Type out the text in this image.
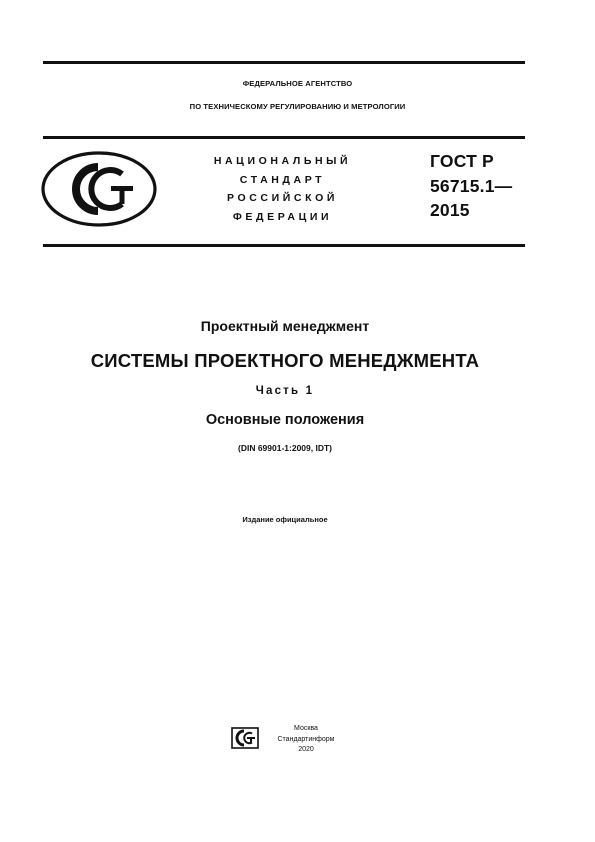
ФЕДЕРАЛЬНОЕ АГЕНТСТВО
ПО ТЕХНИЧЕСКОМУ РЕГУЛИРОВАНИЮ И МЕТРОЛОГИИ
НАЦИОНАЛЬНЫЙ
СТАНДАРТ
РОССИЙСКОЙ
ФЕДЕРАЦИИ
ГОСТ Р
56715.1—
2015
Проектный менеджмент
СИСТЕМЫ ПРОЕКТНОГО МЕНЕДЖМЕНТА
Часть 1
Основные положения
(DIN 69901-1:2009, IDT)
Издание официальное
Москва
Стандартинформ
2020
